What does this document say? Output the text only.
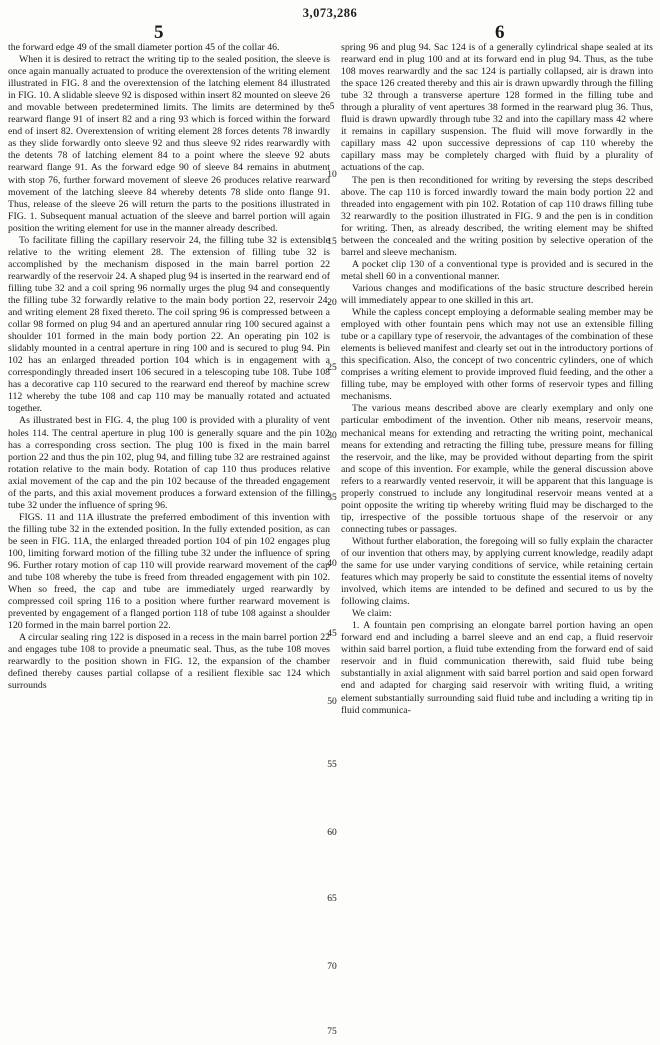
3,073,286
5	6

the forward edge 49 of the small diameter portion 45 of the collar 46.

When it is desired to retract the writing tip to the sealed position, the sleeve is once again manually actuated to produce the overextension of the writing element illustrated in FIG. 8 and the overextension of the latching element 84 illustrated in FIG. 10. A slidable sleeve 92 is disposed within insert 82 mounted on sleeve 26 and movable between predetermined limits. The limits are determined by the rearward flange 91 of insert 82 and a ring 93 which is forced within the forward end of insert 82. Overextension of writing element 28 forces detents 78 inwardly as they slide forwardly onto sleeve 92 and thus sleeve 92 rides rearwardly with the detents 78 of latching element 84 to a point where the sleeve 92 abuts rearward flange 91. As the forward edge 90 of sleeve 84 remains in abutment with stop 76, further forward movement of sleeve 26 produces relative rearward movement of the latching sleeve 84 whereby detents 78 slide onto flange 91. Thus, release of the sleeve 26 will return the parts to the positions illustrated in FIG. 1. Subsequent manual actuation of the sleeve and barrel portion will again position the writing element for use in the manner already described.

To facilitate filling the capillary reservoir 24, the filling tube 32 is extensible relative to the writing element 28. The extension of filling tube 32 is accomplished by the mechanism disposed in the main barrel portion 22 rearwardly of the reservoir 24. A shaped plug 94 is inserted in the rearward end of filling tube 32 and a coil spring 96 normally urges the plug 94 and consequently the filling tube 32 forwardly relative to the main body portion 22, reservoir 24, and writing element 28 fixed thereto. The coil spring 96 is compressed between a collar 98 formed on plug 94 and an apertured annular ring 100 secured against a shoulder 101 formed in the main body portion 22. An operating pin 102 is slidably mounted in a central aperture in ring 100 and is secured to plug 94. Pin 102 has an enlarged threaded portion 104 which is in engagement with a correspondingly threaded insert 106 secured in a telescoping tube 108. Tube 108 has a decorative cap 110 secured to the rearward end thereof by machine screw 112 whereby the tube 108 and cap 110 may be manually rotated and actuated together.

As illustrated best in FIG. 4, the plug 100 is provided with a plurality of vent holes 114. The central aperture in plug 100 is generally square and the pin 102 has a corresponding cross section. The plug 100 is fixed in the main barrel portion 22 and thus the pin 102, plug 94, and filling tube 32 are restrained against rotation relative to the main body. Rotation of cap 110 thus produces relative axial movement of the cap and the pin 102 because of the threaded engagement of the parts, and this axial movement produces a forward extension of the filling tube 32 under the influence of spring 96.

FIGS. 11 and 11A illustrate the preferred embodiment of this invention with the filling tube 32 in the extended position. In the fully extended position, as can be seen in FIG. 11A, the enlarged threaded portion 104 of pin 102 engages plug 100, limiting forward motion of the filling tube 32 under the influence of spring 96. Further rotary motion of cap 110 will provide rearward movement of the cap and tube 108 whereby the tube is freed from threaded engagement with pin 102. When so freed, the cap and tube are immediately urged rearwardly by compressed coil spring 116 to a position where further rearward movement is prevented by engagement of a flanged portion 118 of tube 108 against a shoulder 120 formed in the main barrel portion 22.

A circular sealing ring 122 is disposed in a recess in the main barrel portion 22 and engages tube 108 to provide a pneumatic seal. Thus, as the tube 108 moves rearwardly to the position shown in FIG. 12, the expansion of the chamber defined thereby causes partial collapse of a resilient flexible sac 124 which surrounds

5
10
15
20
25
30
35
40
45
50
55
60
65
70
75

spring 96 and plug 94. Sac 124 is of a generally cylindrical shape sealed at its rearward end in plug 100 and at its forward end in plug 94. Thus, as the tube 108 moves rearwardly and the sac 124 is partially collapsed, air is drawn into the space 126 created thereby and this air is drawn upwardly through the filling tube 32 through a transverse aperture 128 formed in the filling tube and through a plurality of vent apertures 38 formed in the rearward plug 36. Thus, fluid is drawn upwardly through tube 32 and into the capillary mass 42 where it remains in capillary suspension. The fluid will move forwardly in the capillary mass 42 upon successive depressions of cap 110 whereby the capillary mass may be completely charged with fluid by a plurality of actuations of the cap.

The pen is then reconditioned for writing by reversing the steps described above. The cap 110 is forced inwardly toward the main body portion 22 and threaded into engagement with pin 102. Rotation of cap 110 draws filling tube 32 rearwardly to the position illustrated in FIG. 9 and the pen is in condition for writing. Then, as already described, the writing element may be shifted between the concealed and the writing position by selective operation of the barrel and sleeve mechanism.

A pocket clip 130 of a conventional type is provided and is secured in the metal shell 60 in a conventional manner.

Various changes and modifications of the basic structure described herein will immediately appear to one skilled in this art.

While the capless concept employing a deformable sealing member may be employed with other fountain pens which may not use an extensible filling tube or a capillary type of reservoir, the advantages of the combination of these elements is believed manifest and clearly set out in the introductory portions of this specification. Also, the concept of two concentric cylinders, one of which comprises a writing element to provide improved fluid feeding, and the other a filling tube, may be employed with other forms of reservoir types and filling mechanisms.

The various means described above are clearly exemplary and only one particular embodiment of the invention. Other nib means, reservoir means, mechanical means for extending and retracting the writing point, mechanical means for extending and retracting the filling tube, pressure means for filling the reservoir, and the like, may be provided without departing from the spirit and scope of this invention. For example, while the general discussion above refers to a rearwardly vented reservoir, it will be apparent that this language is properly construed to include any longitudinal reservoir means vented at a point opposite the writing tip whereby writing fluid may be discharged to the tip, irrespective of the possible tortuous shape of the reservoir or any connecting tubes or passages.

Without further elaboration, the foregoing will so fully explain the character of our invention that others may, by applying current knowledge, readily adapt the same for use under varying conditions of service, while retaining certain features which may properly be said to constitute the essential items of novelty involved, which items are intended to be defined and secured to us by the following claims.

We claim:

1. A fountain pen comprising an elongate barrel portion having an open forward end and including a barrel sleeve and an end cap, a fluid reservoir within said barrel portion, a fluid tube extending from the forward end of said reservoir and in fluid communication therewith, said fluid tube being substantially in axial alignment with said barrel portion and said open forward end and adapted for charging said reservoir with writing fluid, a writing element substantially surrounding said fluid tube and including a writing tip in fluid communica-
